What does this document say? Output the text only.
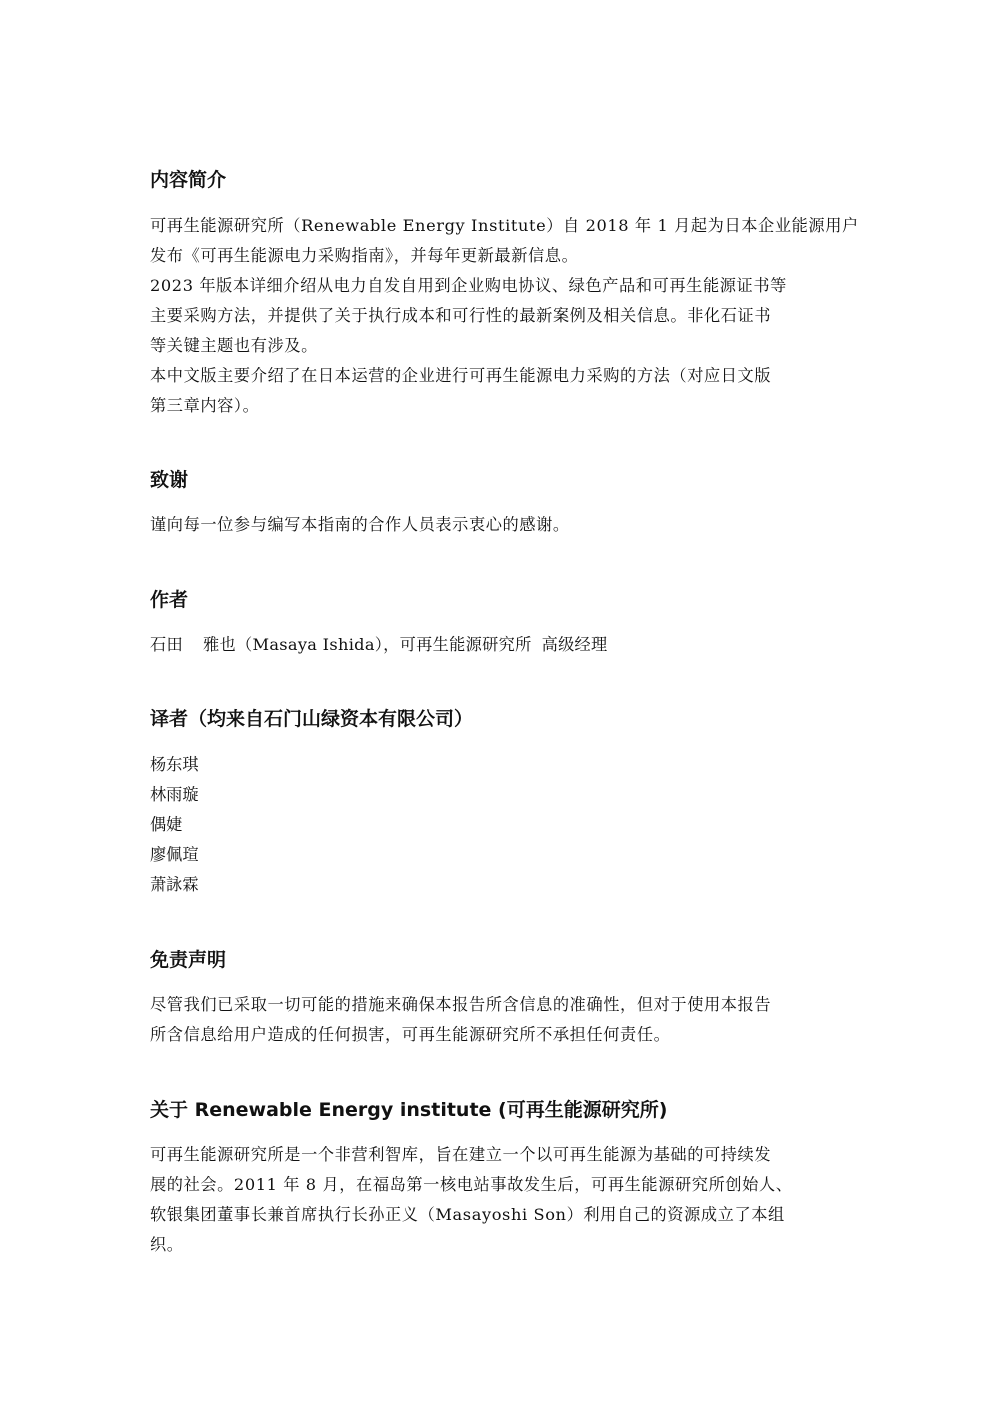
内容简介
可再生能源研究所（Renewable Energy Institute）自 2018 年 1 月起为日本企业能源用户
发布《可再生能源电力采购指南》，并每年更新最新信息。
2023 年版本详细介绍从电力自发自用到企业购电协议、绿色产品和可再生能源证书等
主要采购方法，并提供了关于执行成本和可行性的最新案例及相关信息。非化石证书
等关键主题也有涉及。
本中文版主要介绍了在日本运营的企业进行可再生能源电力采购的方法（对应日文版
第三章内容）。
致谢
谨向每一位参与编写本指南的合作人员表示衷心的感谢。
作者
石田 雅也（Masaya Ishida），可再生能源研究所 高级经理
译者（均来自石门山绿资本有限公司）
杨东琪
林雨璇
偶婕
廖佩瑄
萧詠霖
免责声明
尽管我们已采取一切可能的措施来确保本报告所含信息的准确性，但对于使用本报告
所含信息给用户造成的任何损害，可再生能源研究所不承担任何责任。
关于 Renewable Energy institute (可再生能源研究所)
可再生能源研究所是一个非营利智库，旨在建立一个以可再生能源为基础的可持续发
展的社会。2011 年 8 月，在福岛第一核电站事故发生后，可再生能源研究所创始人、
软银集团董事长兼首席执行长孙正义（Masayoshi Son）利用自己的资源成立了本组
织。
